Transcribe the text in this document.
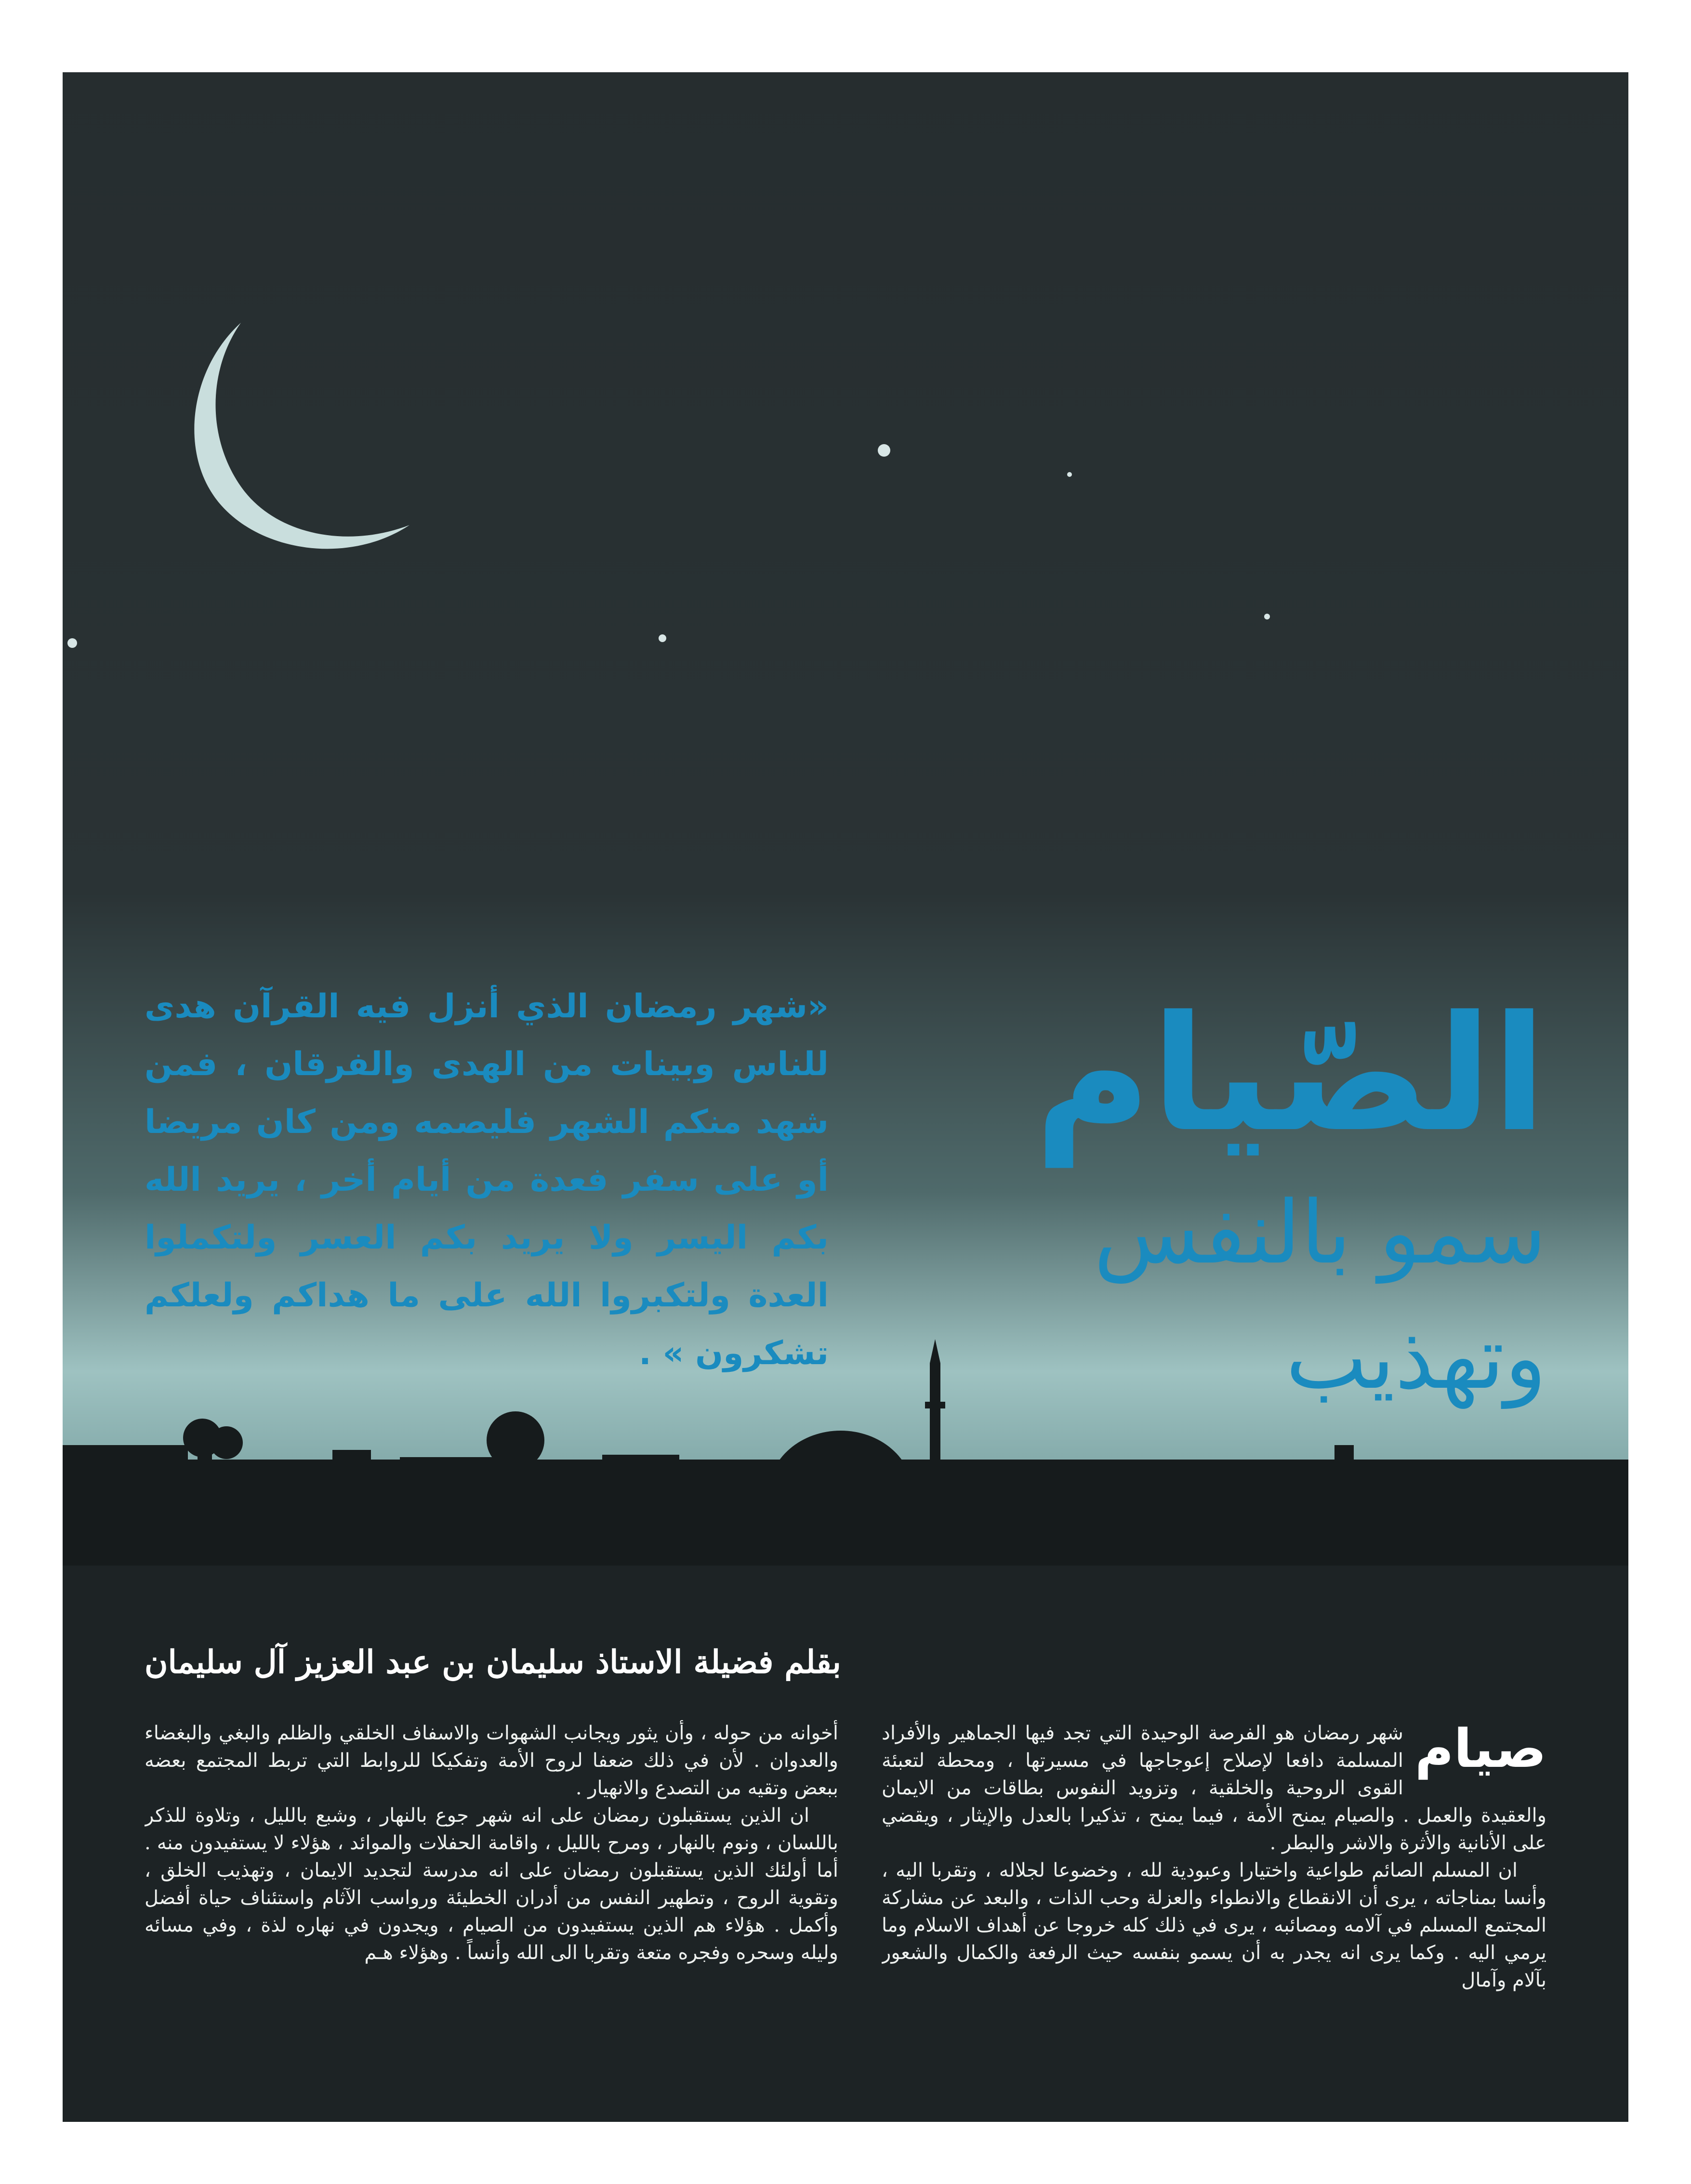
الصّيام
سمو بالنفس وتهذيب
«شهر رمضان الذي أنزل فيه القرآن هدى للناس وبينات من الهدى والفرقان ، فمن شهد منكم الشهر فليصمه ومن كان مريضا أو على سفر فعدة من أيام أخر ، يريد الله بكم اليسر ولا يريد بكم العسر ولتكملوا العدة ولتكبروا الله على ما هداكم ولعلكم تشكرون » .
بقلم فضيلة الاستاذ سليمان بن عبد العزيز آل سليمان
صيام

شهر رمضان هو الفرصة الوحيدة التي تجد فيها الجماهير والأفراد المسلمة دافعا لإصلاح إعوجاجها في مسيرتها ، ومحطة لتعبئة القوى الروحية والخلقية ، وتزويد النفوس بطاقات من الايمان والعقيدة والعمل . والصيام يمنح الأمة ، فيما يمنح ، تذكيرا بالعدل والإيثار ، ويقضي على الأنانية والأثرة والاشر والبطر .

ان المسلم الصائم طواعية واختيارا وعبودية لله ، وخضوعا لجلاله ، وتقربا اليه ، وأنسا بمناجاته ، يرى أن الانقطاع والانطواء والعزلة وحب الذات ، والبعد عن مشاركة المجتمع المسلم في آلامه ومصائبه ، يرى في ذلك كله خروجا عن أهداف الاسلام وما يرمي اليه . وكما يرى انه يجدر به أن يسمو بنفسه حيث الرفعة والكمال والشعور بآلام وآمال

أخوانه من حوله ، وأن يثور ويجانب الشهوات والاسفاف الخلقي والظلم والبغي والبغضاء والعدوان . لأن في ذلك ضعفا لروح الأمة وتفكيكا للروابط التي تربط المجتمع بعضه ببعض وتقيه من التصدع والانهيار .

ان الذين يستقبلون رمضان على انه شهر جوع بالنهار ، وشبع بالليل ، وتلاوة للذكر باللسان ، ونوم بالنهار ، ومرح بالليل ، واقامة الحفلات والموائد ، هؤلاء لا يستفيدون منه . أما أولئك الذين يستقبلون رمضان على انه مدرسة لتجديد الايمان ، وتهذيب الخلق ، وتقوية الروح ، وتطهير النفس من أدران الخطيئة ورواسب الآثام واستئناف حياة أفضل وأكمل . هؤلاء هم الذين يستفيدون من الصيام ، ويجدون في نهاره لذة ، وفي مسائه وليله وسحره وفجره متعة وتقربا الى الله وأنساً . وهؤلاء هـم
